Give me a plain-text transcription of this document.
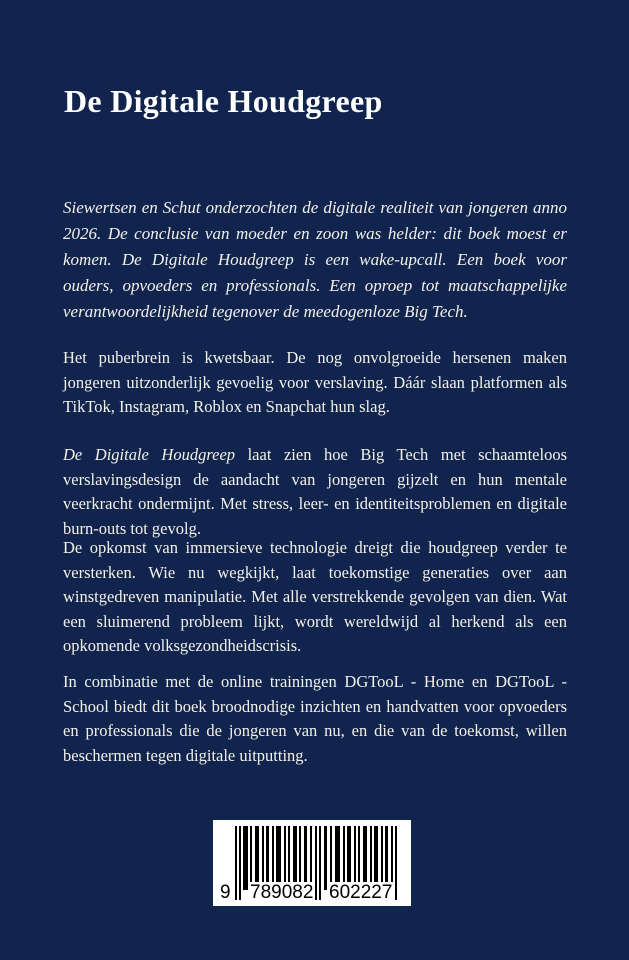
De Digitale Houdgreep

Siewertsen en Schut onderzochten de digitale realiteit van jongeren anno 2026. De conclusie van moeder en zoon was helder: dit boek moest er komen. De Digitale Houdgreep is een wake-upcall. Een boek voor ouders, opvoeders en professionals. Een oproep tot maatschappelijke verantwoordelijkheid tegenover de meedogenloze Big Tech.

Het puberbrein is kwetsbaar. De nog onvolgroeide hersenen maken jongeren uitzonderlijk gevoelig voor verslaving. Dáár slaan platformen als TikTok, Instagram, Roblox en Snapchat hun slag.

De Digitale Houdgreep laat zien hoe Big Tech met schaamteloos verslavingsdesign de aandacht van jongeren gijzelt en hun mentale veerkracht ondermijnt. Met stress, leer- en identiteitsproblemen en digitale burn-outs tot gevolg.

De opkomst van immersieve technologie dreigt die houdgreep verder te versterken. Wie nu wegkijkt, laat toekomstige generaties over aan winstgedreven manipulatie. Met alle verstrekkende gevolgen van dien. Wat een sluimerend probleem lijkt, wordt wereldwijd al herkend als een opkomende volksgezondheidscrisis.

In combinatie met de online trainingen DGTooL - Home en DGTooL - School biedt dit boek broodnodige inzichten en handvatten voor opvoeders en professionals die de jongeren van nu, en die van de toekomst, willen beschermen tegen digitale uitputting.

9 789082 602227
